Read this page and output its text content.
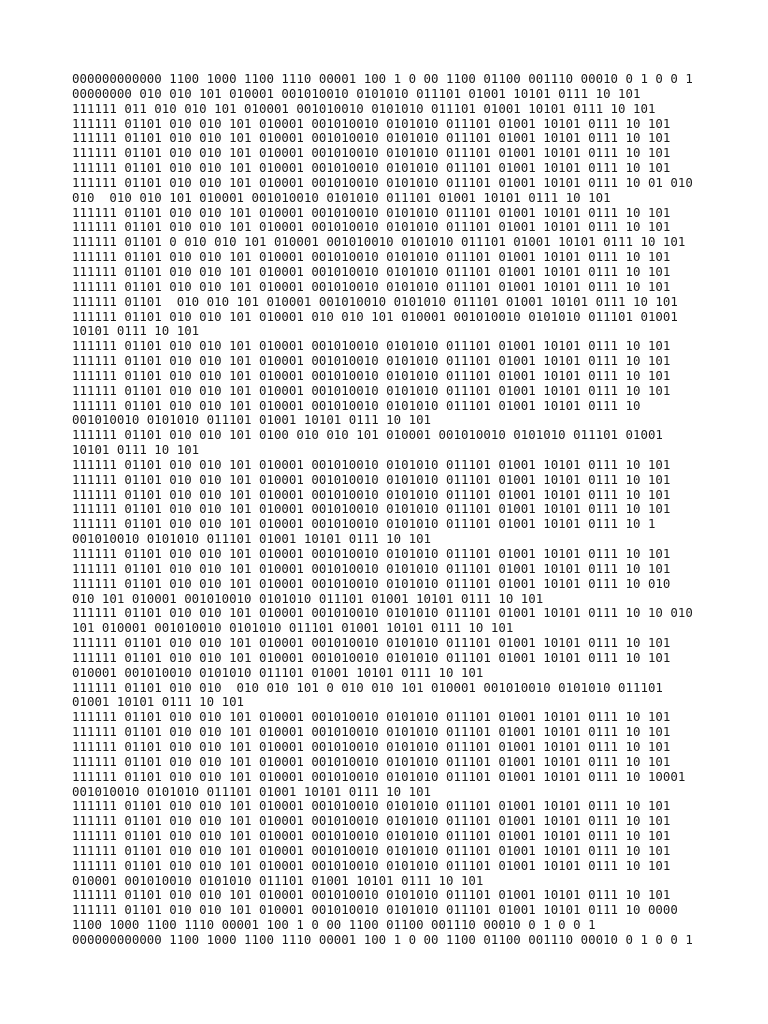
000000000000 1100 1000 1100 1110 00001 100 1 0 00 1100 01100 001110 00010 0 1 0 0 1
00000000 010 010 101 010001 001010010 0101010 011101 01001 10101 0111 10 101
111111 011 010 010 101 010001 001010010 0101010 011101 01001 10101 0111 10 101
111111 01101 010 010 101 010001 001010010 0101010 011101 01001 10101 0111 10 101
111111 01101 010 010 101 010001 001010010 0101010 011101 01001 10101 0111 10 101
111111 01101 010 010 101 010001 001010010 0101010 011101 01001 10101 0111 10 101
111111 01101 010 010 101 010001 001010010 0101010 011101 01001 10101 0111 10 101
111111 01101 010 010 101 010001 001010010 0101010 011101 01001 10101 0111 10 01 010
010  010 010 101 010001 001010010 0101010 011101 01001 10101 0111 10 101
111111 01101 010 010 101 010001 001010010 0101010 011101 01001 10101 0111 10 101
111111 01101 010 010 101 010001 001010010 0101010 011101 01001 10101 0111 10 101
111111 01101 0 010 010 101 010001 001010010 0101010 011101 01001 10101 0111 10 101
111111 01101 010 010 101 010001 001010010 0101010 011101 01001 10101 0111 10 101
111111 01101 010 010 101 010001 001010010 0101010 011101 01001 10101 0111 10 101
111111 01101 010 010 101 010001 001010010 0101010 011101 01001 10101 0111 10 101
111111 01101  010 010 101 010001 001010010 0101010 011101 01001 10101 0111 10 101
111111 01101 010 010 101 010001 010 010 101 010001 001010010 0101010 011101 01001
10101 0111 10 101
111111 01101 010 010 101 010001 001010010 0101010 011101 01001 10101 0111 10 101
111111 01101 010 010 101 010001 001010010 0101010 011101 01001 10101 0111 10 101
111111 01101 010 010 101 010001 001010010 0101010 011101 01001 10101 0111 10 101
111111 01101 010 010 101 010001 001010010 0101010 011101 01001 10101 0111 10 101
111111 01101 010 010 101 010001 001010010 0101010 011101 01001 10101 0111 10
001010010 0101010 011101 01001 10101 0111 10 101
111111 01101 010 010 101 0100 010 010 101 010001 001010010 0101010 011101 01001
10101 0111 10 101
111111 01101 010 010 101 010001 001010010 0101010 011101 01001 10101 0111 10 101
111111 01101 010 010 101 010001 001010010 0101010 011101 01001 10101 0111 10 101
111111 01101 010 010 101 010001 001010010 0101010 011101 01001 10101 0111 10 101
111111 01101 010 010 101 010001 001010010 0101010 011101 01001 10101 0111 10 101
111111 01101 010 010 101 010001 001010010 0101010 011101 01001 10101 0111 10 1
001010010 0101010 011101 01001 10101 0111 10 101
111111 01101 010 010 101 010001 001010010 0101010 011101 01001 10101 0111 10 101
111111 01101 010 010 101 010001 001010010 0101010 011101 01001 10101 0111 10 101
111111 01101 010 010 101 010001 001010010 0101010 011101 01001 10101 0111 10 010
010 101 010001 001010010 0101010 011101 01001 10101 0111 10 101
111111 01101 010 010 101 010001 001010010 0101010 011101 01001 10101 0111 10 10 010
101 010001 001010010 0101010 011101 01001 10101 0111 10 101
111111 01101 010 010 101 010001 001010010 0101010 011101 01001 10101 0111 10 101
111111 01101 010 010 101 010001 001010010 0101010 011101 01001 10101 0111 10 101
010001 001010010 0101010 011101 01001 10101 0111 10 101
111111 01101 010 010  010 010 101 0 010 010 101 010001 001010010 0101010 011101
01001 10101 0111 10 101
111111 01101 010 010 101 010001 001010010 0101010 011101 01001 10101 0111 10 101
111111 01101 010 010 101 010001 001010010 0101010 011101 01001 10101 0111 10 101
111111 01101 010 010 101 010001 001010010 0101010 011101 01001 10101 0111 10 101
111111 01101 010 010 101 010001 001010010 0101010 011101 01001 10101 0111 10 101
111111 01101 010 010 101 010001 001010010 0101010 011101 01001 10101 0111 10 10001
001010010 0101010 011101 01001 10101 0111 10 101
111111 01101 010 010 101 010001 001010010 0101010 011101 01001 10101 0111 10 101
111111 01101 010 010 101 010001 001010010 0101010 011101 01001 10101 0111 10 101
111111 01101 010 010 101 010001 001010010 0101010 011101 01001 10101 0111 10 101
111111 01101 010 010 101 010001 001010010 0101010 011101 01001 10101 0111 10 101
111111 01101 010 010 101 010001 001010010 0101010 011101 01001 10101 0111 10 101
010001 001010010 0101010 011101 01001 10101 0111 10 101
111111 01101 010 010 101 010001 001010010 0101010 011101 01001 10101 0111 10 101
111111 01101 010 010 101 010001 001010010 0101010 011101 01001 10101 0111 10 0000
1100 1000 1100 1110 00001 100 1 0 00 1100 01100 001110 00010 0 1 0 0 1
000000000000 1100 1000 1100 1110 00001 100 1 0 00 1100 01100 001110 00010 0 1 0 0 1
